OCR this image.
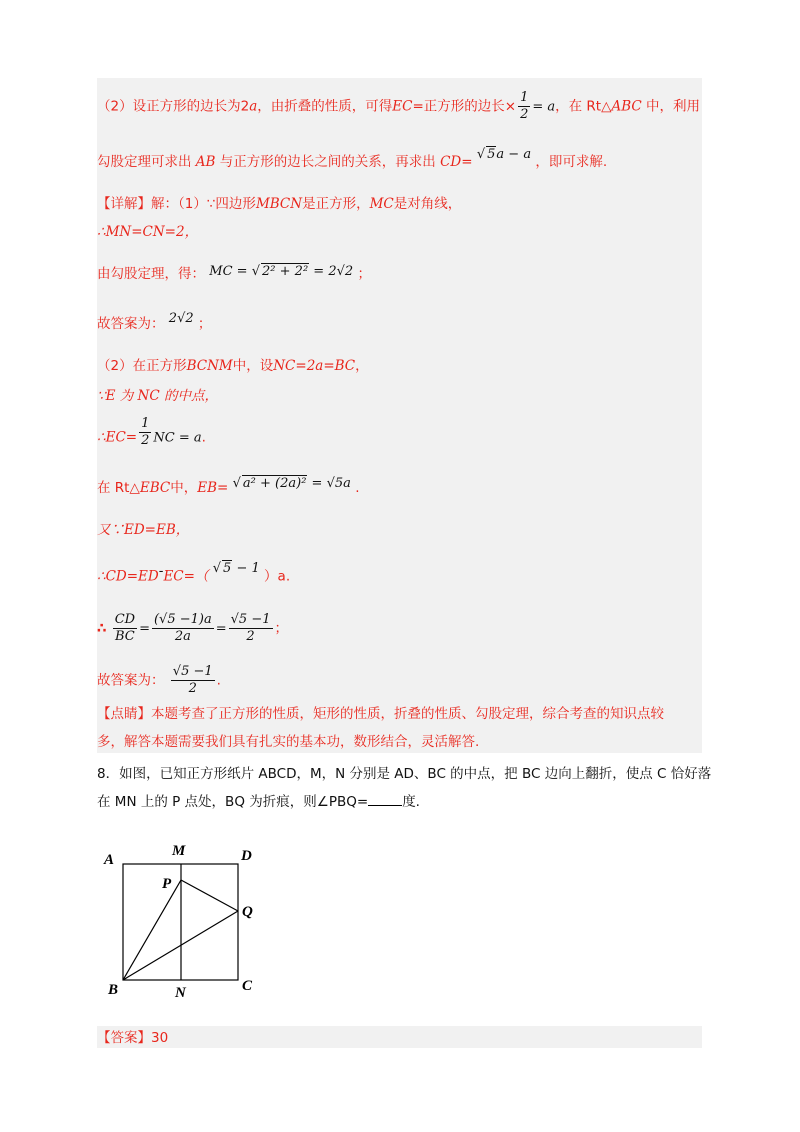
（2）设正方形的边长为2a，由折叠的性质，可得EC=正方形的边长× $\frac{1}{2} = a$，在 Rt△ABC 中，利用
勾股定理可求出 AB 与正方形的边长之间的关系，再求出 CD= √ 5a − a ，即可求解.
【详解】解：（1）∵四边形MBCN是正方形，MC是对角线，
∴MN=CN=2，
由勾股定理，得： MC = √ 2² + 2² = 2√2 ；
故答案为： 2√2 ；
（2）在正方形BCNM中，设NC=2a=BC，
∵E 为 NC 的中点，
∴EC= $\frac{1}{2}$ NC = a.
在 Rt△EBC中，EB= √ a² + (2a)² = √5a .
又∵ED=EB，
∴CD=ED-EC=（ √ 5 − 1 ）a.
∴ $\frac{CD}{BC} = \frac{(√5 -1)a}{2a} = \frac{√5 -1}{2}$ ；
故答案为： $\frac{√5 -1}{2}$ .
【点睛】本题考查了正方形的性质，矩形的性质，折叠的性质、勾股定理，综合考查的知识点较
多，解答本题需要我们具有扎实的基本功，数形结合，灵活解答.
8．如图，已知正方形纸片 ABCD，M，N 分别是 AD、BC 的中点，把 BC 边向上翻折，使点 C 恰好落
在 MN 上的 P 点处，BQ 为折痕，则∠PBQ=	度.
A
M	D
P
Q
B	N	C
【答案】30
